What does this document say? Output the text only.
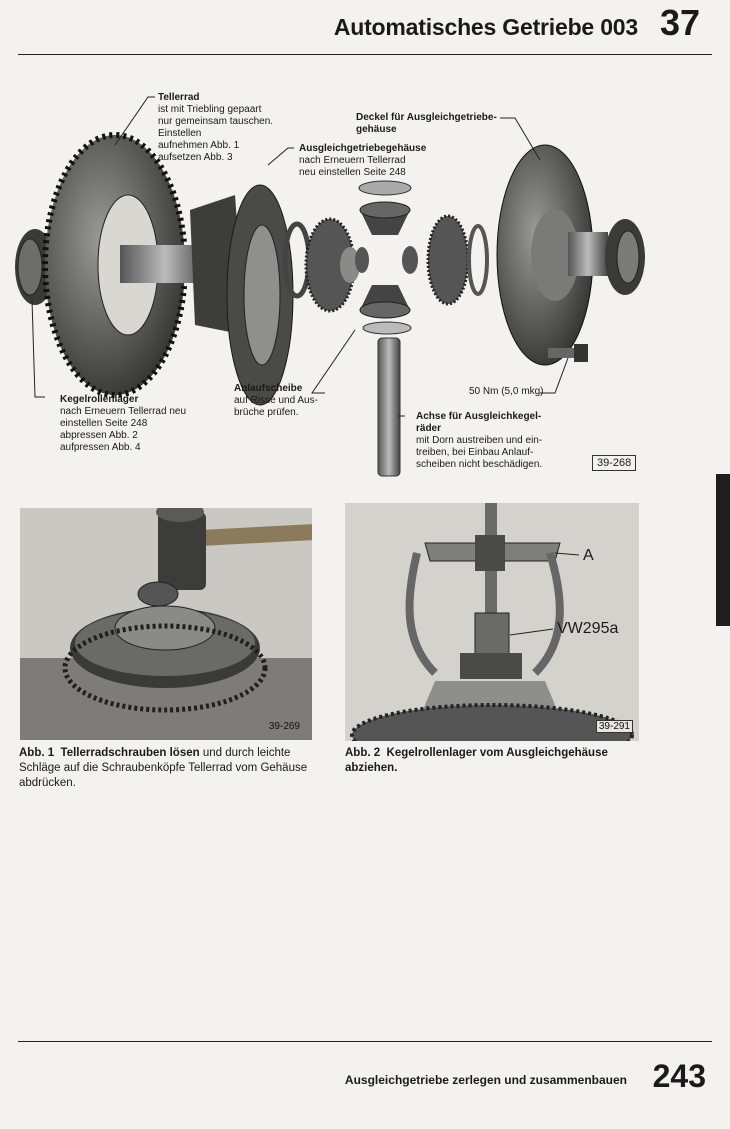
Automatisches Getriebe 003 37
Tellerrad
ist mit Triebling gepaart
nur gemeinsam tauschen.
Einstellen
aufnehmen Abb. 1
aufsetzen Abb. 3
Deckel für Ausgleichgetriebe-
gehäuse
Ausgleichgetriebegehäuse
nach Erneuern Tellerrad
neu einstellen Seite 248
Kegelrollenlager
nach Erneuern Tellerrad neu
einstellen Seite 248
abpressen Abb. 2
aufpressen Abb. 4
Anlaufscheibe
auf Risse und Aus-
brüche prüfen.
50 Nm (5,0 mkg)
Achse für Ausgleichkegel-
räder
mit Dorn austreiben und ein-
treiben, bei Einbau Anlauf-
scheiben nicht beschädigen.	39-268
39-269
A
VW295a
39-291
Abb. 1 Tellerradschrauben lösen und durch leichte Schläge auf die Schraubenköpfe Tellerrad vom Gehäuse abdrücken.
Abb. 2 Kegelrollenlager vom Ausgleichgehäuse abziehen.
Ausgleichgetriebe zerlegen und zusammenbauen 243
